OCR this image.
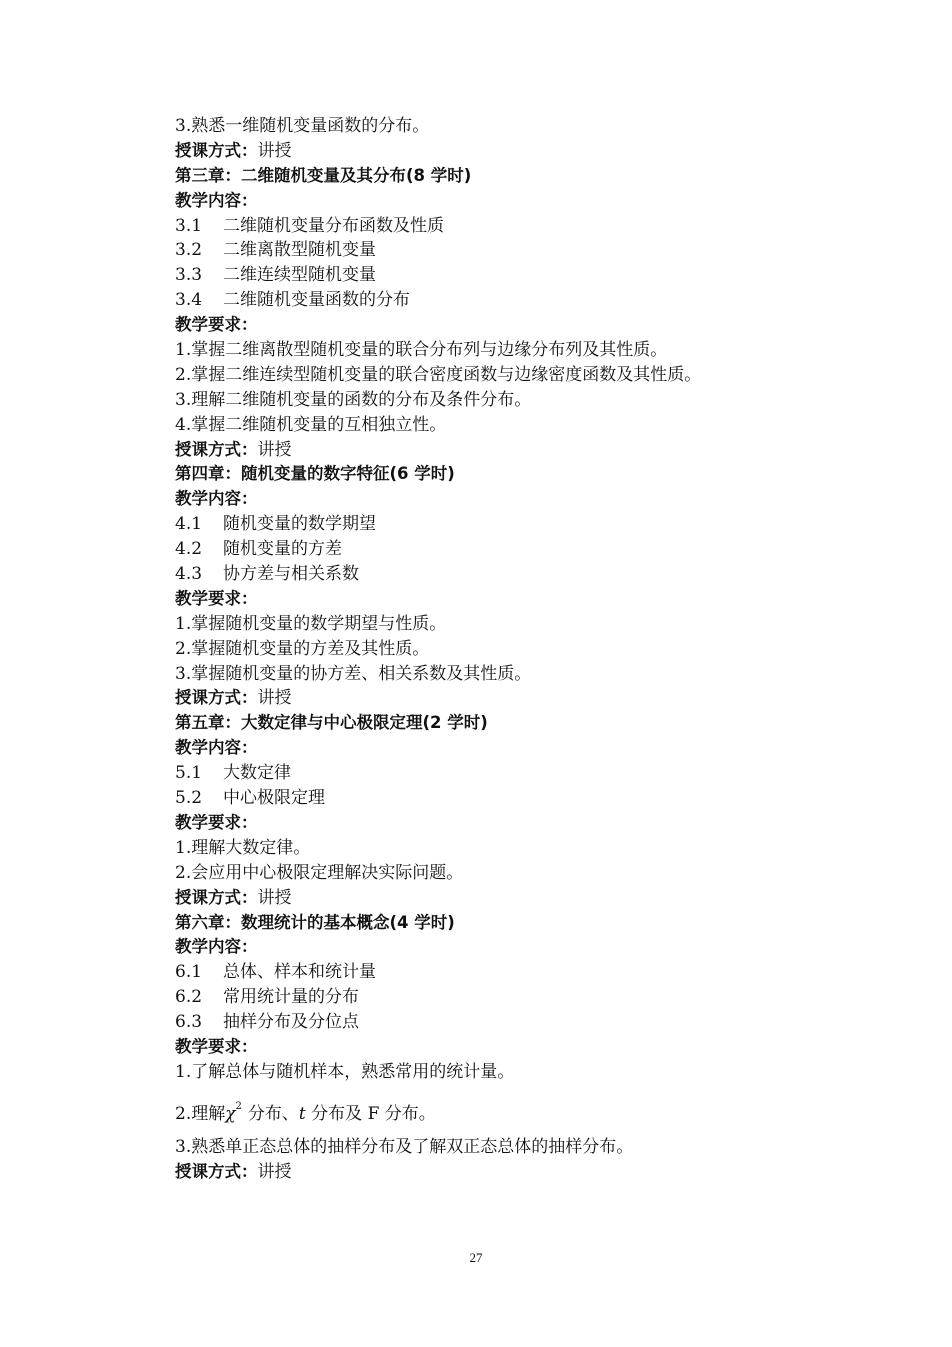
3.熟悉一维随机变量函数的分布。
授课方式：讲授
第三章：二维随机变量及其分布(8 学时)
教学内容：
3.1 二维随机变量分布函数及性质
3.2 二维离散型随机变量
3.3 二维连续型随机变量
3.4 二维随机变量函数的分布
教学要求：
1.掌握二维离散型随机变量的联合分布列与边缘分布列及其性质。
2.掌握二维连续型随机变量的联合密度函数与边缘密度函数及其性质。
3.理解二维随机变量的函数的分布及条件分布。
4.掌握二维随机变量的互相独立性。
授课方式：讲授
第四章：随机变量的数字特征(6 学时)
教学内容：
4.1 随机变量的数学期望
4.2 随机变量的方差
4.3 协方差与相关系数
教学要求：
1.掌握随机变量的数学期望与性质。
2.掌握随机变量的方差及其性质。
3.掌握随机变量的协方差、相关系数及其性质。
授课方式：讲授
第五章：大数定律与中心极限定理(2 学时)
教学内容：
5.1 大数定律
5.2 中心极限定理
教学要求：
1.理解大数定律。
2.会应用中心极限定理解决实际问题。
授课方式：讲授
第六章：数理统计的基本概念(4 学时)
教学内容：
6.1 总体、样本和统计量
6.2 常用统计量的分布
6.3 抽样分布及分位点
教学要求：
1.了解总体与随机样本，熟悉常用的统计量。
2.理解$\chi^2$ 分布、t 分布及 F 分布。
3.熟悉单正态总体的抽样分布及了解双正态总体的抽样分布。
授课方式：讲授
27
